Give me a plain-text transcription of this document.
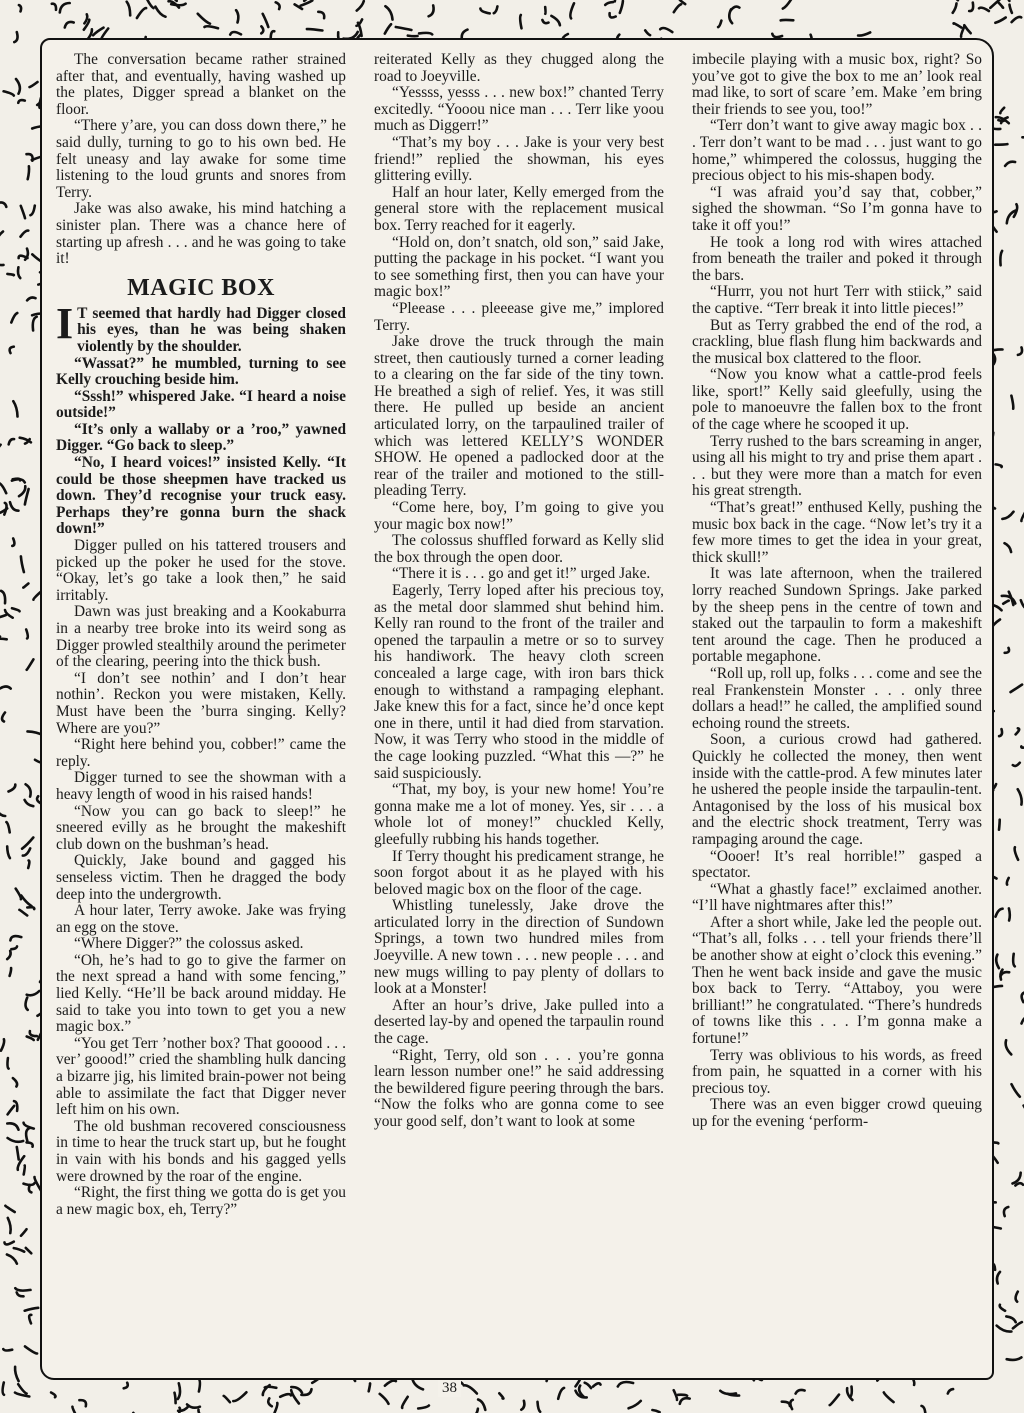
The conversation became rather strained after that, and eventually, having washed up the plates, Digger spread a blanket on the floor.

“There y’are, you can doss down there,” he said dully, turning to go to his own bed. He felt uneasy and lay awake for some time listening to the loud grunts and snores from Terry.

Jake was also awake, his mind hatching a sinister plan. There was a chance here of starting up afresh . . . and he was going to take it!

MAGIC BOX

IT seemed that hardly had Digger closed his eyes, than he was being shaken violently by the shoulder.

“Wassat?” he mumbled, turning to see Kelly crouching beside him.

“Sssh!” whispered Jake. “I heard a noise outside!”

“It’s only a wallaby or a ’roo,” yawned Digger. “Go back to sleep.”

“No, I heard voices!” insisted Kelly. “It could be those sheepmen have tracked us down. They’d recognise your truck easy. Perhaps they’re gonna burn the shack down!”

Digger pulled on his tattered trousers and picked up the poker he used for the stove. “Okay, let’s go take a look then,” he said irritably.

Dawn was just breaking and a Kookaburra in a nearby tree broke into its weird song as Digger prowled stealthily around the perimeter of the clearing, peering into the thick bush.

“I don’t see nothin’ and I don’t hear nothin’. Reckon you were mistaken, Kelly. Must have been the ’burra singing. Kelly? Where are you?”

“Right here behind you, cobber!” came the reply.

Digger turned to see the showman with a heavy length of wood in his raised hands!

“Now you can go back to sleep!” he sneered evilly as he brought the makeshift club down on the bushman’s head.

Quickly, Jake bound and gagged his senseless victim. Then he dragged the body deep into the undergrowth.

A hour later, Terry awoke. Jake was frying an egg on the stove.

“Where Digger?” the colossus asked.

“Oh, he’s had to go to give the farmer on the next spread a hand with some fencing,” lied Kelly. “He’ll be back around midday. He said to take you into town to get you a new magic box.”

“You get Terr ’nother box? That gooood . . . ver’ goood!” cried the shambling hulk dancing a bizarre jig, his limited brain-power not being able to assimilate the fact that Digger never left him on his own.

The old bushman recovered consciousness in time to hear the truck start up, but he fought in vain with his bonds and his gagged yells were drowned by the roar of the engine.

“Right, the first thing we gotta do is get you a new magic box, eh, Terry?”

reiterated Kelly as they chugged along the road to Joeyville.

“Yessss, yesss . . . new box!” chanted Terry excitedly. “Yooou nice man . . . Terr like yoou much as Diggerr!”

“That’s my boy . . . Jake is your very best friend!” replied the showman, his eyes glittering evilly.

Half an hour later, Kelly emerged from the general store with the replacement musical box. Terry reached for it eagerly.

“Hold on, don’t snatch, old son,” said Jake, putting the package in his pocket. “I want you to see something first, then you can have your magic box!”

“Pleease . . . pleeease give me,” implored Terry.

Jake drove the truck through the main street, then cautiously turned a corner leading to a clearing on the far side of the tiny town. He breathed a sigh of relief. Yes, it was still there. He pulled up beside an ancient articulated lorry, on the tarpaulined trailer of which was lettered KELLY’S WONDER SHOW. He opened a padlocked door at the rear of the trailer and motioned to the still-pleading Terry.

“Come here, boy, I’m going to give you your magic box now!”

The colossus shuffled forward as Kelly slid the box through the open door.

“There it is . . . go and get it!” urged Jake.

Eagerly, Terry loped after his precious toy, as the metal door slammed shut behind him. Kelly ran round to the front of the trailer and opened the tarpaulin a metre or so to survey his handiwork. The heavy cloth screen concealed a large cage, with iron bars thick enough to withstand a rampaging elephant. Jake knew this for a fact, since he’d once kept one in there, until it had died from starvation. Now, it was Terry who stood in the middle of the cage looking puzzled. “What this —?” he said suspiciously.

“That, my boy, is your new home! You’re gonna make me a lot of money. Yes, sir . . . a whole lot of money!” chuckled Kelly, gleefully rubbing his hands together.

If Terry thought his predicament strange, he soon forgot about it as he played with his beloved magic box on the floor of the cage.

Whistling tunelessly, Jake drove the articulated lorry in the direction of Sundown Springs, a town two hundred miles from Joeyville. A new town . . . new people . . . and new mugs willing to pay plenty of dollars to look at a Monster!

After an hour’s drive, Jake pulled into a deserted lay-by and opened the tarpaulin round the cage.

“Right, Terry, old son . . . you’re gonna learn lesson number one!” he said addressing the bewildered figure peering through the bars. “Now the folks who are gonna come to see your good self, don’t want to look at some

imbecile playing with a music box, right? So you’ve got to give the box to me an’ look real mad like, to sort of scare ’em. Make ’em bring their friends to see you, too!”

“Terr don’t want to give away magic box . . . Terr don’t want to be mad . . . just want to go home,” whimpered the colossus, hugging the precious object to his mis-shapen body.

“I was afraid you’d say that, cobber,” sighed the showman. “So I’m gonna have to take it off you!”

He took a long rod with wires attached from beneath the trailer and poked it through the bars.

“Hurrr, you not hurt Terr with stiick,” said the captive. “Terr break it into little pieces!”

But as Terry grabbed the end of the rod, a crackling, blue flash flung him backwards and the musical box clattered to the floor.

“Now you know what a cattle-prod feels like, sport!” Kelly said gleefully, using the pole to manoeuvre the fallen box to the front of the cage where he scooped it up.

Terry rushed to the bars screaming in anger, using all his might to try and prise them apart . . . but they were more than a match for even his great strength.

“That’s great!” enthused Kelly, pushing the music box back in the cage. “Now let’s try it a few more times to get the idea in your great, thick skull!”

It was late afternoon, when the trailered lorry reached Sundown Springs. Jake parked by the sheep pens in the centre of town and staked out the tarpaulin to form a makeshift tent around the cage. Then he produced a portable megaphone.

“Roll up, roll up, folks . . . come and see the real Frankenstein Monster . . . only three dollars a head!” he called, the amplified sound echoing round the streets.

Soon, a curious crowd had gathered. Quickly he collected the money, then went inside with the cattle-prod. A few minutes later he ushered the people inside the tarpaulin-tent. Antagonised by the loss of his musical box and the electric shock treatment, Terry was rampaging around the cage.

“Oooer! It’s real horrible!” gasped a spectator.

“What a ghastly face!” exclaimed another. “I’ll have nightmares after this!”

After a short while, Jake led the people out. “That’s all, folks . . . tell your friends there’ll be another show at eight o’clock this evening.” Then he went back inside and gave the music box back to Terry. “Attaboy, you were brilliant!” he congratulated. “There’s hundreds of towns like this . . . I’m gonna make a fortune!”

Terry was oblivious to his words, as freed from pain, he squatted in a corner with his precious toy.

There was an even bigger crowd queuing up for the evening ‘perform-

38
